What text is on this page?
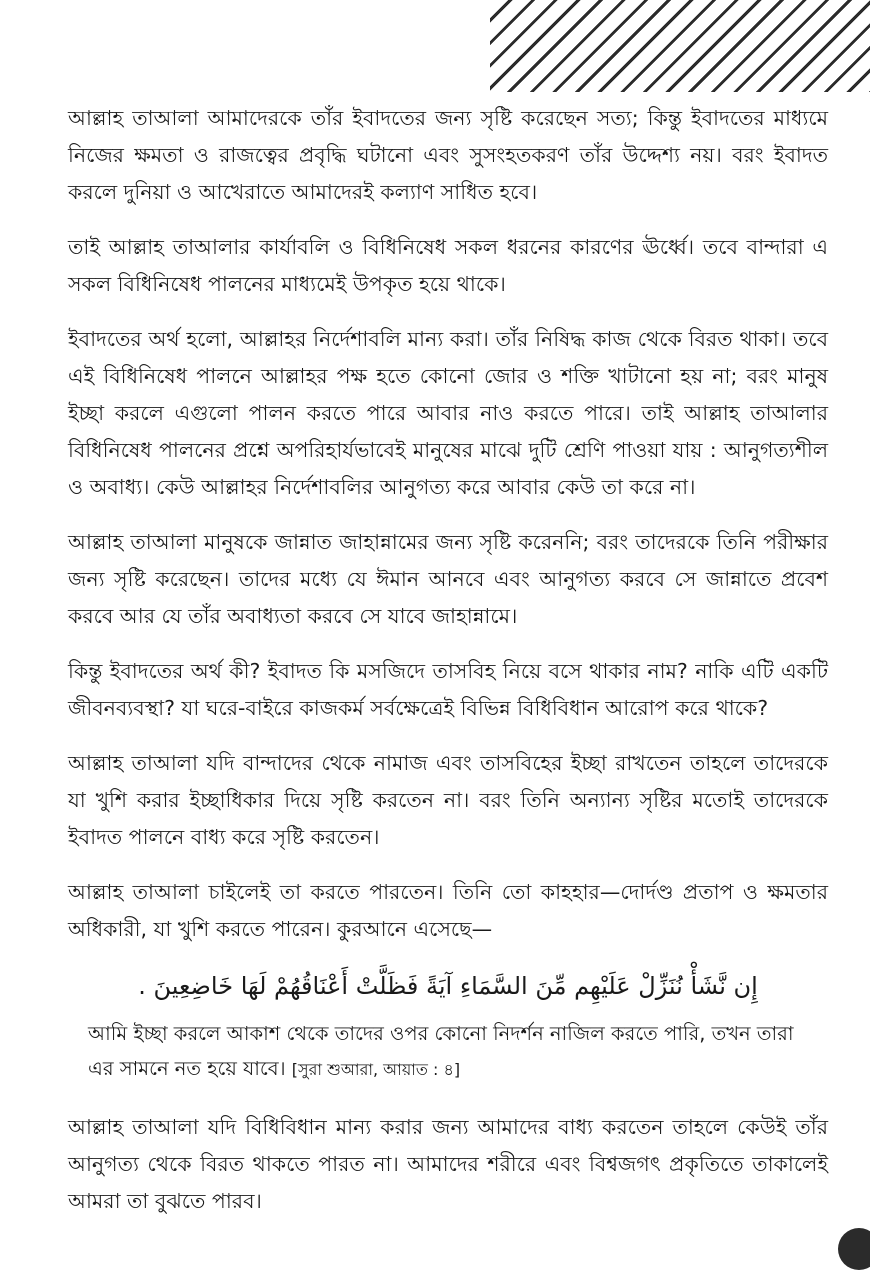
আল্লাহ তাআলা আমাদেরকে তাঁর ইবাদতের জন্য সৃষ্টি করেছেন সত্য; কিন্তু ইবাদতের মাধ্যমে নিজের ক্ষমতা ও রাজত্বের প্রবৃদ্ধি ঘটানো এবং সুসংহতকরণ তাঁর উদ্দেশ্য নয়। বরং ইবাদত করলে দুনিয়া ও আখেরাতে আমাদেরই কল্যাণ সাধিত হবে।

তাই আল্লাহ তাআলার কার্যাবলি ও বিধিনিষেধ সকল ধরনের কারণের ঊর্ধ্বে। তবে বান্দারা এ সকল বিধিনিষেধ পালনের মাধ্যমেই উপকৃত হয়ে থাকে।

ইবাদতের অর্থ হলো, আল্লাহর নির্দেশাবলি মান্য করা। তাঁর নিষিদ্ধ কাজ থেকে বিরত থাকা। তবে এই বিধিনিষেধ পালনে আল্লাহর পক্ষ হতে কোনো জোর ও শক্তি খাটানো হয় না; বরং মানুষ ইচ্ছা করলে এগুলো পালন করতে পারে আবার নাও করতে পারে। তাই আল্লাহ তাআলার বিধিনিষেধ পালনের প্রশ্নে অপরিহার্যভাবেই মানুষের মাঝে দুটি শ্রেণি পাওয়া যায় : আনুগত্যশীল ও অবাধ্য। কেউ আল্লাহর নির্দেশাবলির আনুগত্য করে আবার কেউ তা করে না।

আল্লাহ তাআলা মানুষকে জান্নাত জাহান্নামের জন্য সৃষ্টি করেননি; বরং তাদেরকে তিনি পরীক্ষার জন্য সৃষ্টি করেছেন। তাদের মধ্যে যে ঈমান আনবে এবং আনুগত্য করবে সে জান্নাতে প্রবেশ করবে আর যে তাঁর অবাধ্যতা করবে সে যাবে জাহান্নামে।

কিন্তু ইবাদতের অর্থ কী? ইবাদত কি মসজিদে তাসবিহ নিয়ে বসে থাকার নাম? নাকি এটি একটি জীবনব্যবস্থা? যা ঘরে-বাইরে কাজকর্ম সর্বক্ষেত্রেই বিভিন্ন বিধিবিধান আরোপ করে থাকে?

আল্লাহ তাআলা যদি বান্দাদের থেকে নামাজ এবং তাসবিহের ইচ্ছা রাখতেন তাহলে তাদেরকে যা খুশি করার ইচ্ছাধিকার দিয়ে সৃষ্টি করতেন না। বরং তিনি অন্যান্য সৃষ্টির মতোই তাদেরকে ইবাদত পালনে বাধ্য করে সৃষ্টি করতেন।

আল্লাহ তাআলা চাইলেই তা করতে পারতেন। তিনি তো কাহহার—দোর্দণ্ড প্রতাপ ও ক্ষমতার অধিকারী, যা খুশি করতে পারেন। কুরআনে এসেছে—

إِن نَّشَأْ نُنَزِّلْ عَلَيْهِم مِّنَ السَّمَاءِ آيَةً فَظَلَّتْ أَعْنَاقُهُمْ لَهَا خَاضِعِينَ .

আমি ইচ্ছা করলে আকাশ থেকে তাদের ওপর কোনো নিদর্শন নাজিল করতে পারি, তখন তারা এর সামনে নত হয়ে যাবে। [সুরা শুআরা, আয়াত : ৪]

আল্লাহ তাআলা যদি বিধিবিধান মান্য করার জন্য আমাদের বাধ্য করতেন তাহলে কেউই তাঁর আনুগত্য থেকে বিরত থাকতে পারত না। আমাদের শরীরে এবং বিশ্বজগৎ প্রকৃতিতে তাকালেই আমরা তা বুঝতে পারব।
